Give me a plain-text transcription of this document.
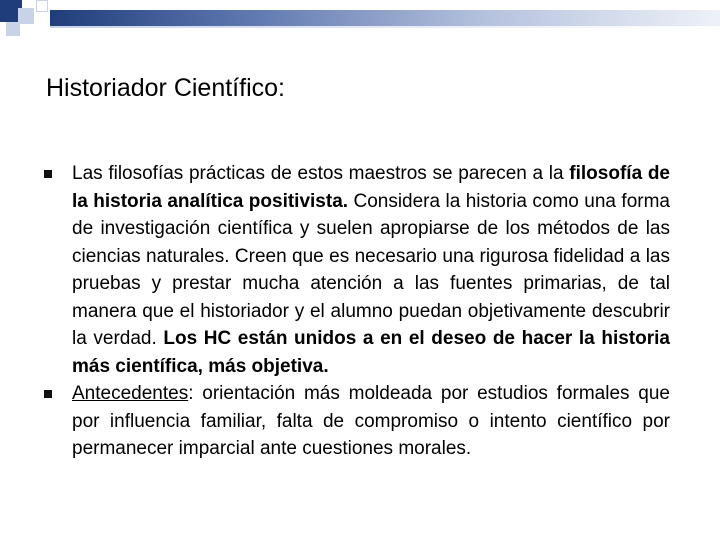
Historiador Científico:
Las filosofías prácticas de estos maestros se parecen a la filosofía de la historia analítica positivista. Considera la historia como una forma de investigación científica y suelen apropiarse de los métodos de las ciencias naturales. Creen que es necesario una rigurosa fidelidad a las pruebas y prestar mucha atención a las fuentes primarias, de tal manera que el historiador y el alumno puedan objetivamente descubrir la verdad. Los HC están unidos a en el deseo de hacer la historia más científica, más objetiva.
Antecedentes: orientación más moldeada por estudios formales que por influencia familiar, falta de compromiso o intento científico por permanecer imparcial ante cuestiones morales.
